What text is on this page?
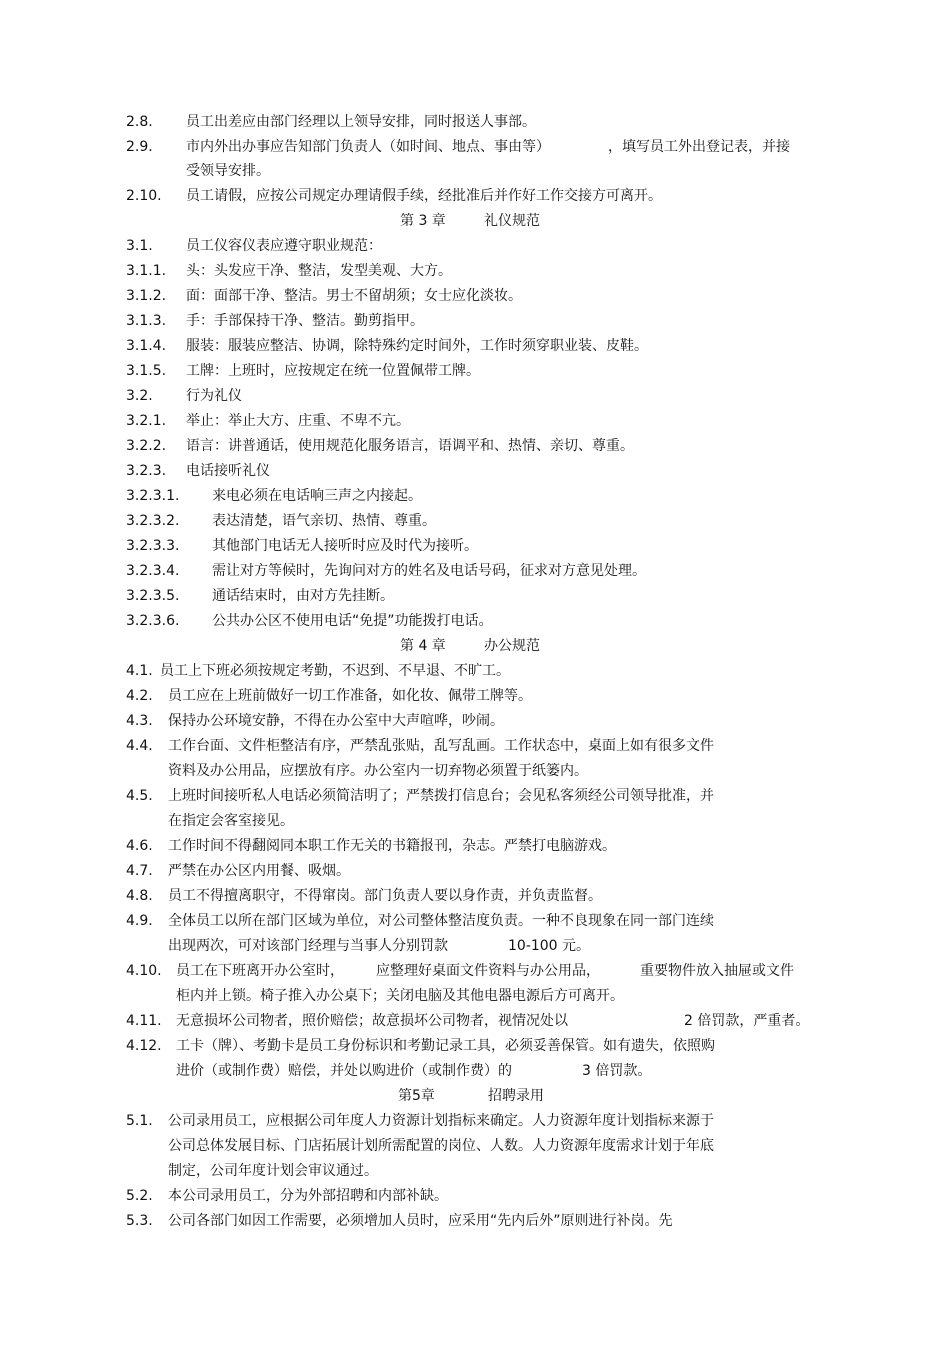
2.8. 员工出差应由部门经理以上领导安排，同时报送人事部。
2.9. 市内外出办事应告知部门负责人（如时间、地点、事由等）	，填写员工外出登记表，并接
受领导安排。
2.10. 员工请假，应按公司规定办理请假手续，经批准后并作好工作交接方可离开。
第 3 章	礼仪规范
3.1. 员工仪容仪表应遵守职业规范：
3.1.1. 头：头发应干净、整洁，发型美观、大方。
3.1.2. 面：面部干净、整洁。男士不留胡须；女士应化淡妆。
3.1.3. 手：手部保持干净、整洁。勤剪指甲。
3.1.4. 服装：服装应整洁、协调，除特殊约定时间外，工作时须穿职业装、皮鞋。
3.1.5. 工牌：上班时，应按规定在统一位置佩带工牌。
3.2. 行为礼仪
3.2.1. 举止：举止大方、庄重、不卑不亢。
3.2.2. 语言：讲普通话，使用规范化服务语言，语调平和、热情、亲切、尊重。
3.2.3. 电话接听礼仪
3.2.3.1. 来电必须在电话响三声之内接起。
3.2.3.2. 表达清楚，语气亲切、热情、尊重。
3.2.3.3. 其他部门电话无人接听时应及时代为接听。
3.2.3.4. 需让对方等候时，先询问对方的姓名及电话号码，征求对方意见处理。
3.2.3.5. 通话结束时，由对方先挂断。
3.2.3.6. 公共办公区不使用电话“免提”功能拨打电话。
第 4 章	办公规范
4.1. 员工上下班必须按规定考勤，不迟到、不早退、不旷工。
4.2. 员工应在上班前做好一切工作准备，如化妆、佩带工牌等。
4.3. 保持办公环境安静，不得在办公室中大声喧哗，吵闹。
4.4. 工作台面、文件柜整洁有序，严禁乱张贴，乱写乱画。工作状态中，桌面上如有很多文件
资料及办公用品，应摆放有序。办公室内一切弃物必须置于纸篓内。
4.5. 上班时间接听私人电话必须简洁明了；严禁拨打信息台；会见私客须经公司领导批准，并
在指定会客室接见。
4.6. 工作时间不得翻阅同本职工作无关的书籍报刊，杂志。严禁打电脑游戏。
4.7. 严禁在办公区内用餐、吸烟。
4.8. 员工不得擅离职守，不得窜岗。部门负责人要以身作责，并负责监督。
4.9. 全体员工以所在部门区域为单位，对公司整体整洁度负责。一种不良现象在同一部门连续
出现两次，可对该部门经理与当事人分别罚款	10-100 元。
4.10. 员工在下班离开办公室时， 应整理好桌面文件资料与办公用品，	重要物件放入抽屉或文件
柜内并上锁。椅子推入办公桌下；关闭电脑及其他电器电源后方可离开。
4.11. 无意损坏公司物者，照价赔偿；故意损坏公司物者，视情况处以	2 倍罚款，严重者。
4.12. 工卡（牌）、考勤卡是员工身份标识和考勤记录工具，必须妥善保管。如有遗失，依照购
进价（或制作费）赔偿，并处以购进价（或制作费）的	3 倍罚款。
第5章	招聘录用
5.1. 公司录用员工，应根据公司年度人力资源计划指标来确定。人力资源年度计划指标来源于
公司总体发展目标、门店拓展计划所需配置的岗位、人数。人力资源年度需求计划于年底
制定，公司年度计划会审议通过。
5.2. 本公司录用员工，分为外部招聘和内部补缺。
5.3. 公司各部门如因工作需要，必须增加人员时，应采用“先内后外”原则进行补岗。先
